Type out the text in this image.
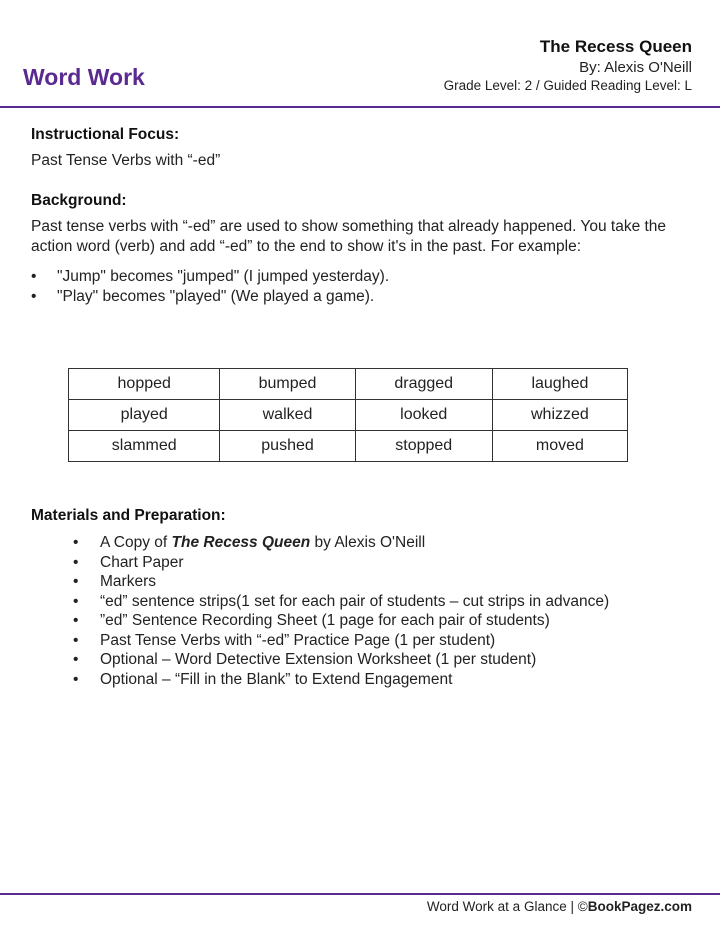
Word Work
The Recess Queen
By: Alexis O'Neill
Grade Level: 2 / Guided Reading Level: L

Instructional Focus:

Past Tense Verbs with “-ed”

Background:

Past tense verbs with “-ed” are used to show something that already happened. You take the action word (verb) and add “-ed” to the end to show it's in the past. For example:

• "Jump" becomes "jumped" (I jumped yesterday).
• "Play" becomes "played" (We played a game).
hopped	bumped	dragged	laughed
played	walked	looked	whizzed
slammed	pushed	stopped	moved

Materials and Preparation:

• A Copy of The Recess Queen by Alexis O'Neill
• Chart Paper
• Markers
• “ed” sentence strips(1 set for each pair of students – cut strips in advance)
• ”ed” Sentence Recording Sheet (1 page for each pair of students)
• Past Tense Verbs with “-ed” Practice Page (1 per student)
• Optional – Word Detective Extension Worksheet (1 per student)
• Optional – “Fill in the Blank” to Extend Engagement
Word Work at a Glance | ©BookPagez.com
